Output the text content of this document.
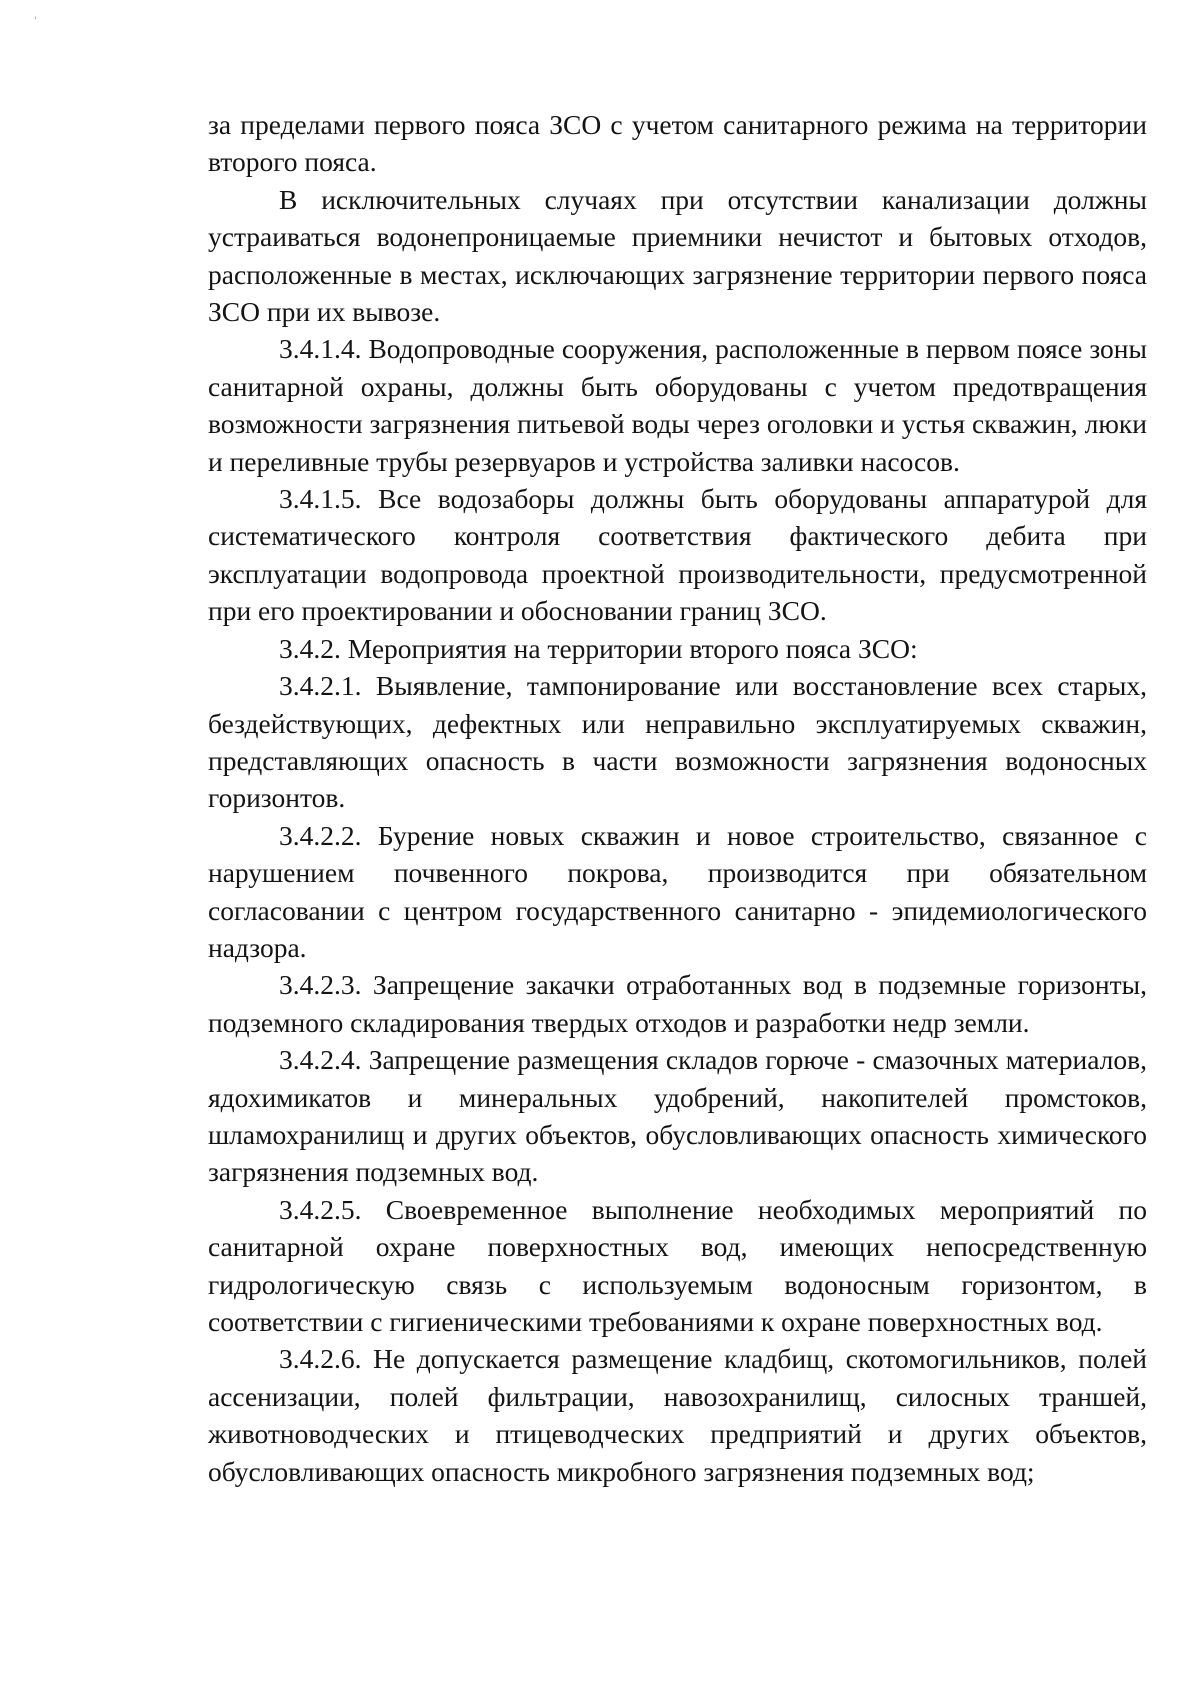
'

за пределами первого пояса ЗСО с учетом санитарного режима на территории второго пояса.

В исключительных случаях при отсутствии канализации должны устраиваться водонепроницаемые приемники нечистот и бытовых отходов, расположенные в местах, исключающих загрязнение территории первого пояса ЗСО при их вывозе.

3.4.1.4. Водопроводные сооружения, расположенные в первом поясе зоны санитарной охраны, должны быть оборудованы с учетом предотвращения возможности загрязнения питьевой воды через оголовки и устья скважин, люки и переливные трубы резервуаров и устройства заливки насосов.

3.4.1.5. Все водозаборы должны быть оборудованы аппаратурой для систематического контроля соответствия фактического дебита при эксплуатации водопровода проектной производительности, предусмотренной при его проектировании и обосновании границ ЗСО.

3.4.2. Мероприятия на территории второго пояса ЗСО:

3.4.2.1. Выявление, тампонирование или восстановление всех старых, бездействующих, дефектных или неправильно эксплуатируемых скважин, представляющих опасность в части возможности загрязнения водоносных горизонтов.

3.4.2.2. Бурение новых скважин и новое строительство, связанное с нарушением почвенного покрова, производится при обязательном согласовании с центром государственного санитарно - эпидемиологического надзора.

3.4.2.3. Запрещение закачки отработанных вод в подземные горизонты, подземного складирования твердых отходов и разработки недр земли.

3.4.2.4. Запрещение размещения складов горюче - смазочных материалов, ядохимикатов и минеральных удобрений, накопителей промстоков, шламохранилищ и других объектов, обусловливающих опасность химического загрязнения подземных вод.

3.4.2.5. Своевременное выполнение необходимых мероприятий по санитарной охране поверхностных вод, имеющих непосредственную гидрологическую связь с используемым водоносным горизонтом, в соответствии с гигиеническими требованиями к охране поверхностных вод.

3.4.2.6. Не допускается размещение кладбищ, скотомогильников, полей ассенизации, полей фильтрации, навозохранилищ, силосных траншей, животноводческих и птицеводческих предприятий и других объектов, обусловливающих опасность микробного загрязнения подземных вод;
